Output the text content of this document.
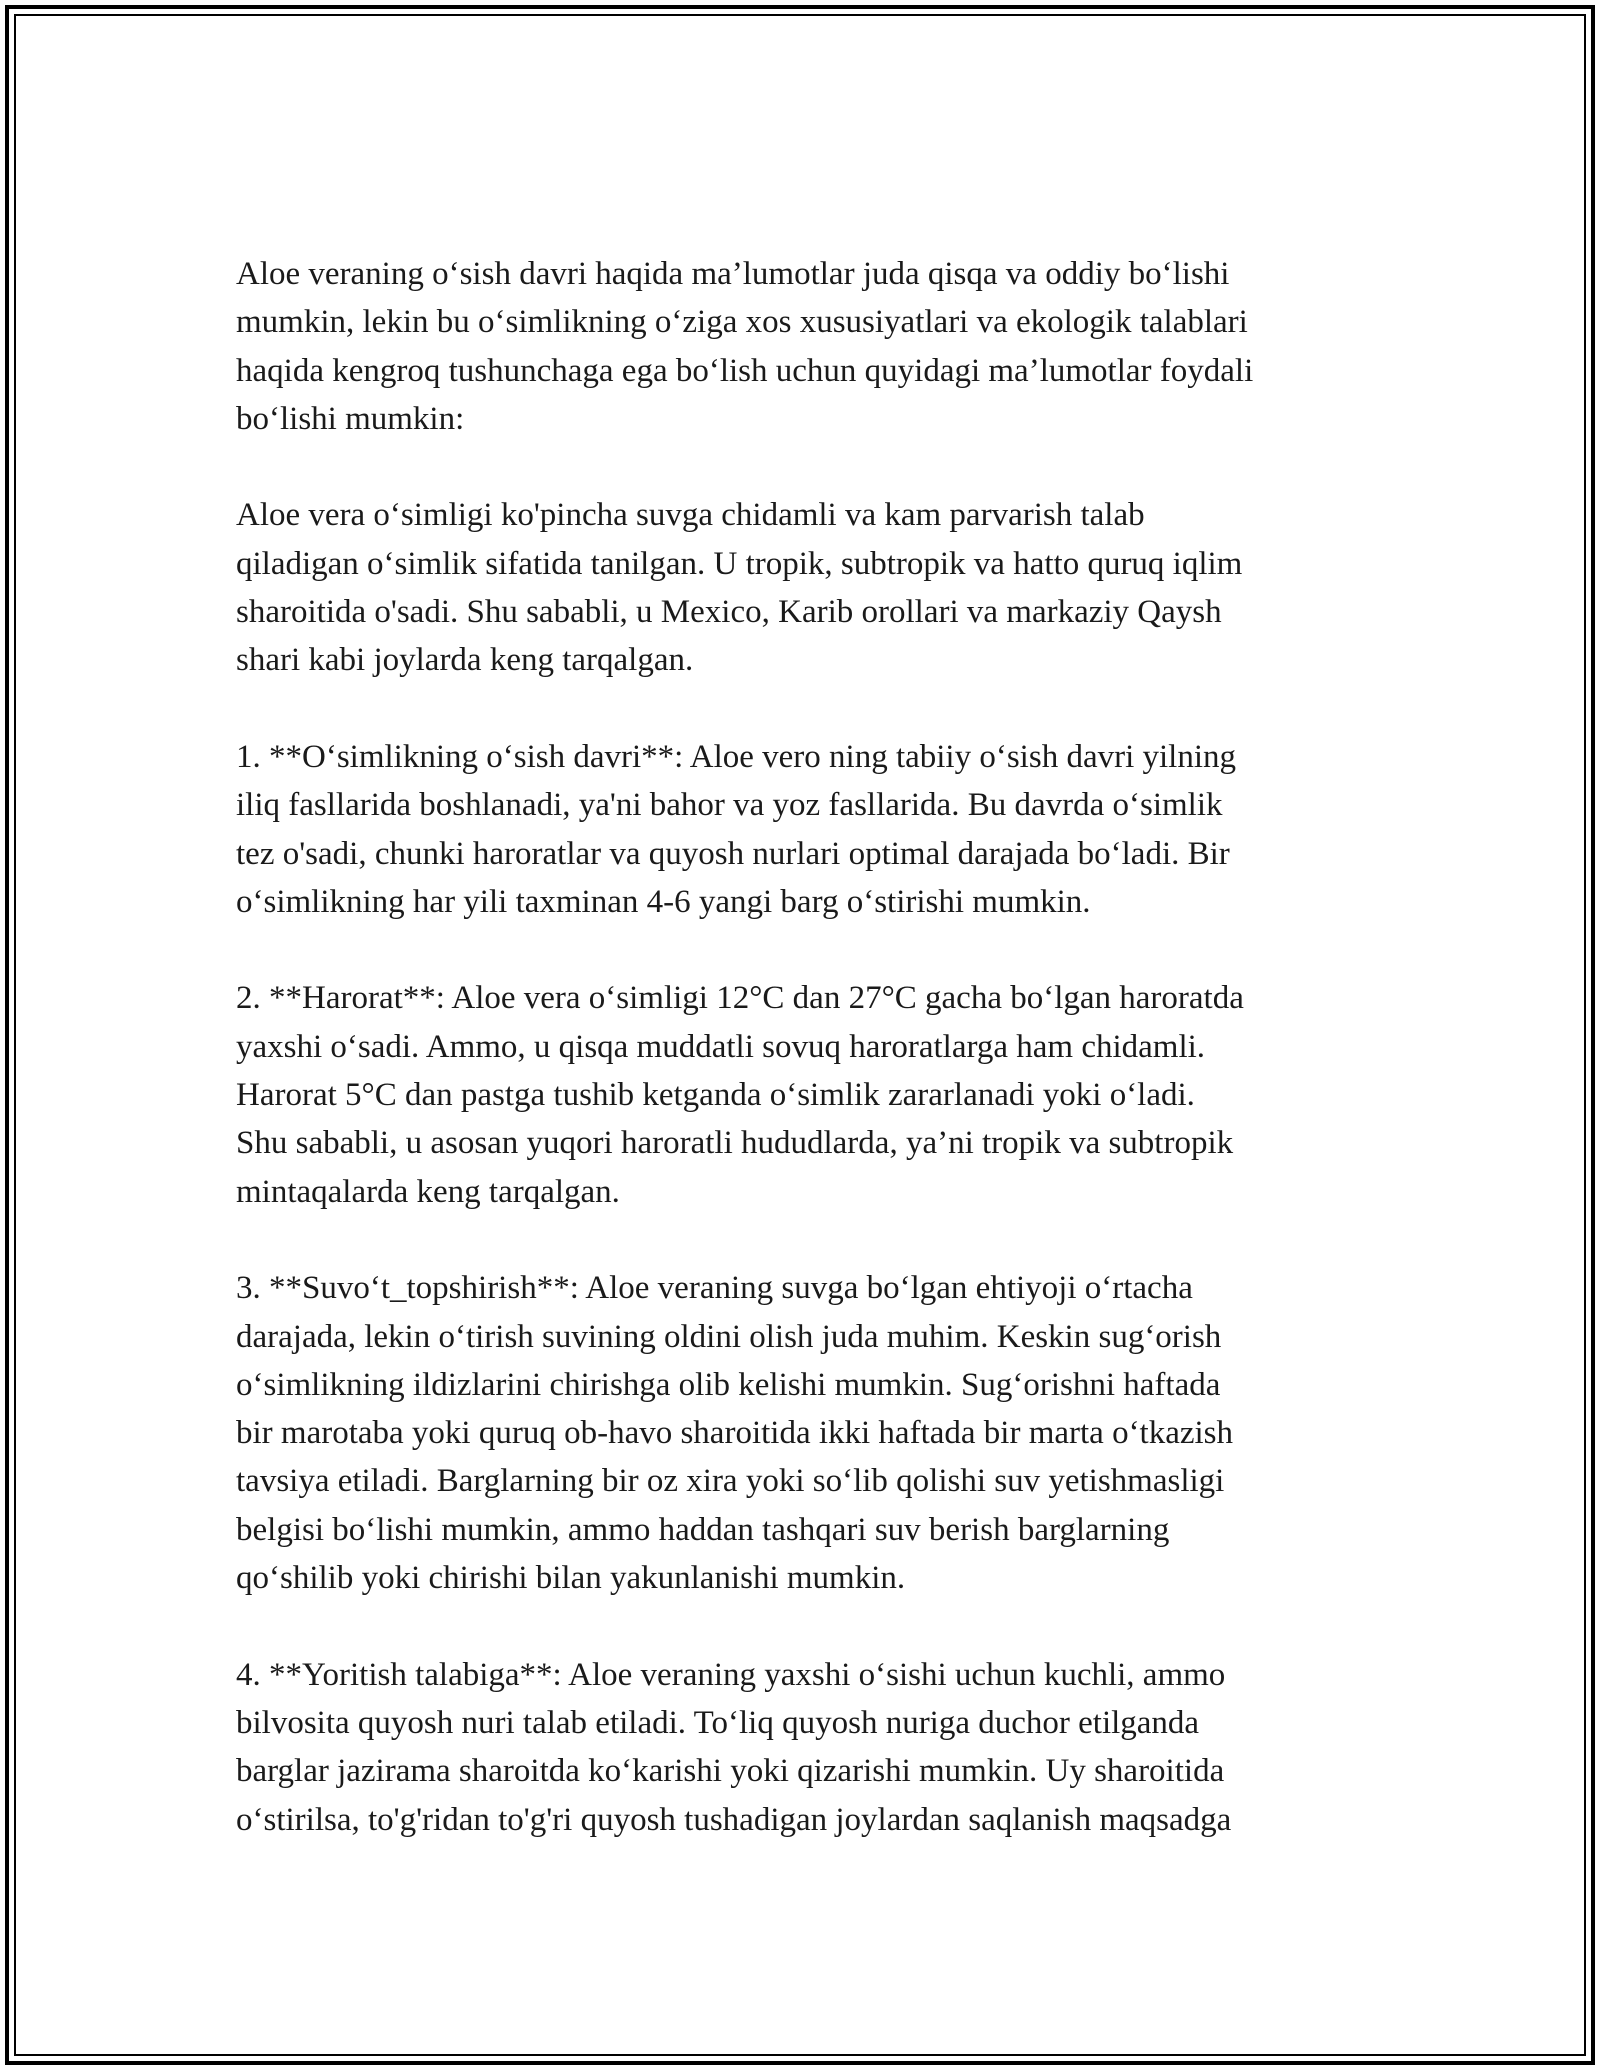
Aloe veraning o‘sish davri haqida ma’lumotlar juda qisqa va oddiy bo‘lishi
mumkin, lekin bu o‘simlikning o‘ziga xos xususiyatlari va ekologik talablari
haqida kengroq tushunchaga ega bo‘lish uchun quyidagi ma’lumotlar foydali
bo‘lishi mumkin:

Aloe vera o‘simligi ko'pincha suvga chidamli va kam parvarish talab
qiladigan o‘simlik sifatida tanilgan. U tropik, subtropik va hatto quruq iqlim
sharoitida o'sadi. Shu sababli, u Mexico, Karib orollari va markaziy Qaysh
shari kabi joylarda keng tarqalgan.

1. **O‘simlikning o‘sish davri**: Aloe vero ning tabiiy o‘sish davri yilning
iliq fasllarida boshlanadi, ya'ni bahor va yoz fasllarida. Bu davrda o‘simlik
tez o'sadi, chunki haroratlar va quyosh nurlari optimal darajada bo‘ladi. Bir
o‘simlikning har yili taxminan 4-6 yangi barg o‘stirishi mumkin.

2. **Harorat**: Aloe vera o‘simligi 12°C dan 27°C gacha bo‘lgan haroratda
yaxshi o‘sadi. Ammo, u qisqa muddatli sovuq haroratlarga ham chidamli.
Harorat 5°C dan pastga tushib ketganda o‘simlik zararlanadi yoki o‘ladi.
Shu sababli, u asosan yuqori haroratli hududlarda, ya’ni tropik va subtropik
mintaqalarda keng tarqalgan.

3. **Suvo‘t_topshirish**: Aloe veraning suvga bo‘lgan ehtiyoji o‘rtacha
darajada, lekin o‘tirish suvining oldini olish juda muhim. Keskin sug‘orish
o‘simlikning ildizlarini chirishga olib kelishi mumkin. Sug‘orishni haftada
bir marotaba yoki quruq ob-havo sharoitida ikki haftada bir marta o‘tkazish
tavsiya etiladi. Barglarning bir oz xira yoki so‘lib qolishi suv yetishmasligi
belgisi bo‘lishi mumkin, ammo haddan tashqari suv berish barglarning
qo‘shilib yoki chirishi bilan yakunlanishi mumkin.

4. **Yoritish talabiga**: Aloe veraning yaxshi o‘sishi uchun kuchli, ammo
bilvosita quyosh nuri talab etiladi. To‘liq quyosh nuriga duchor etilganda
barglar jazirama sharoitda ko‘karishi yoki qizarishi mumkin. Uy sharoitida
o‘stirilsa, to'g'ridan to'g'ri quyosh tushadigan joylardan saqlanish maqsadga
